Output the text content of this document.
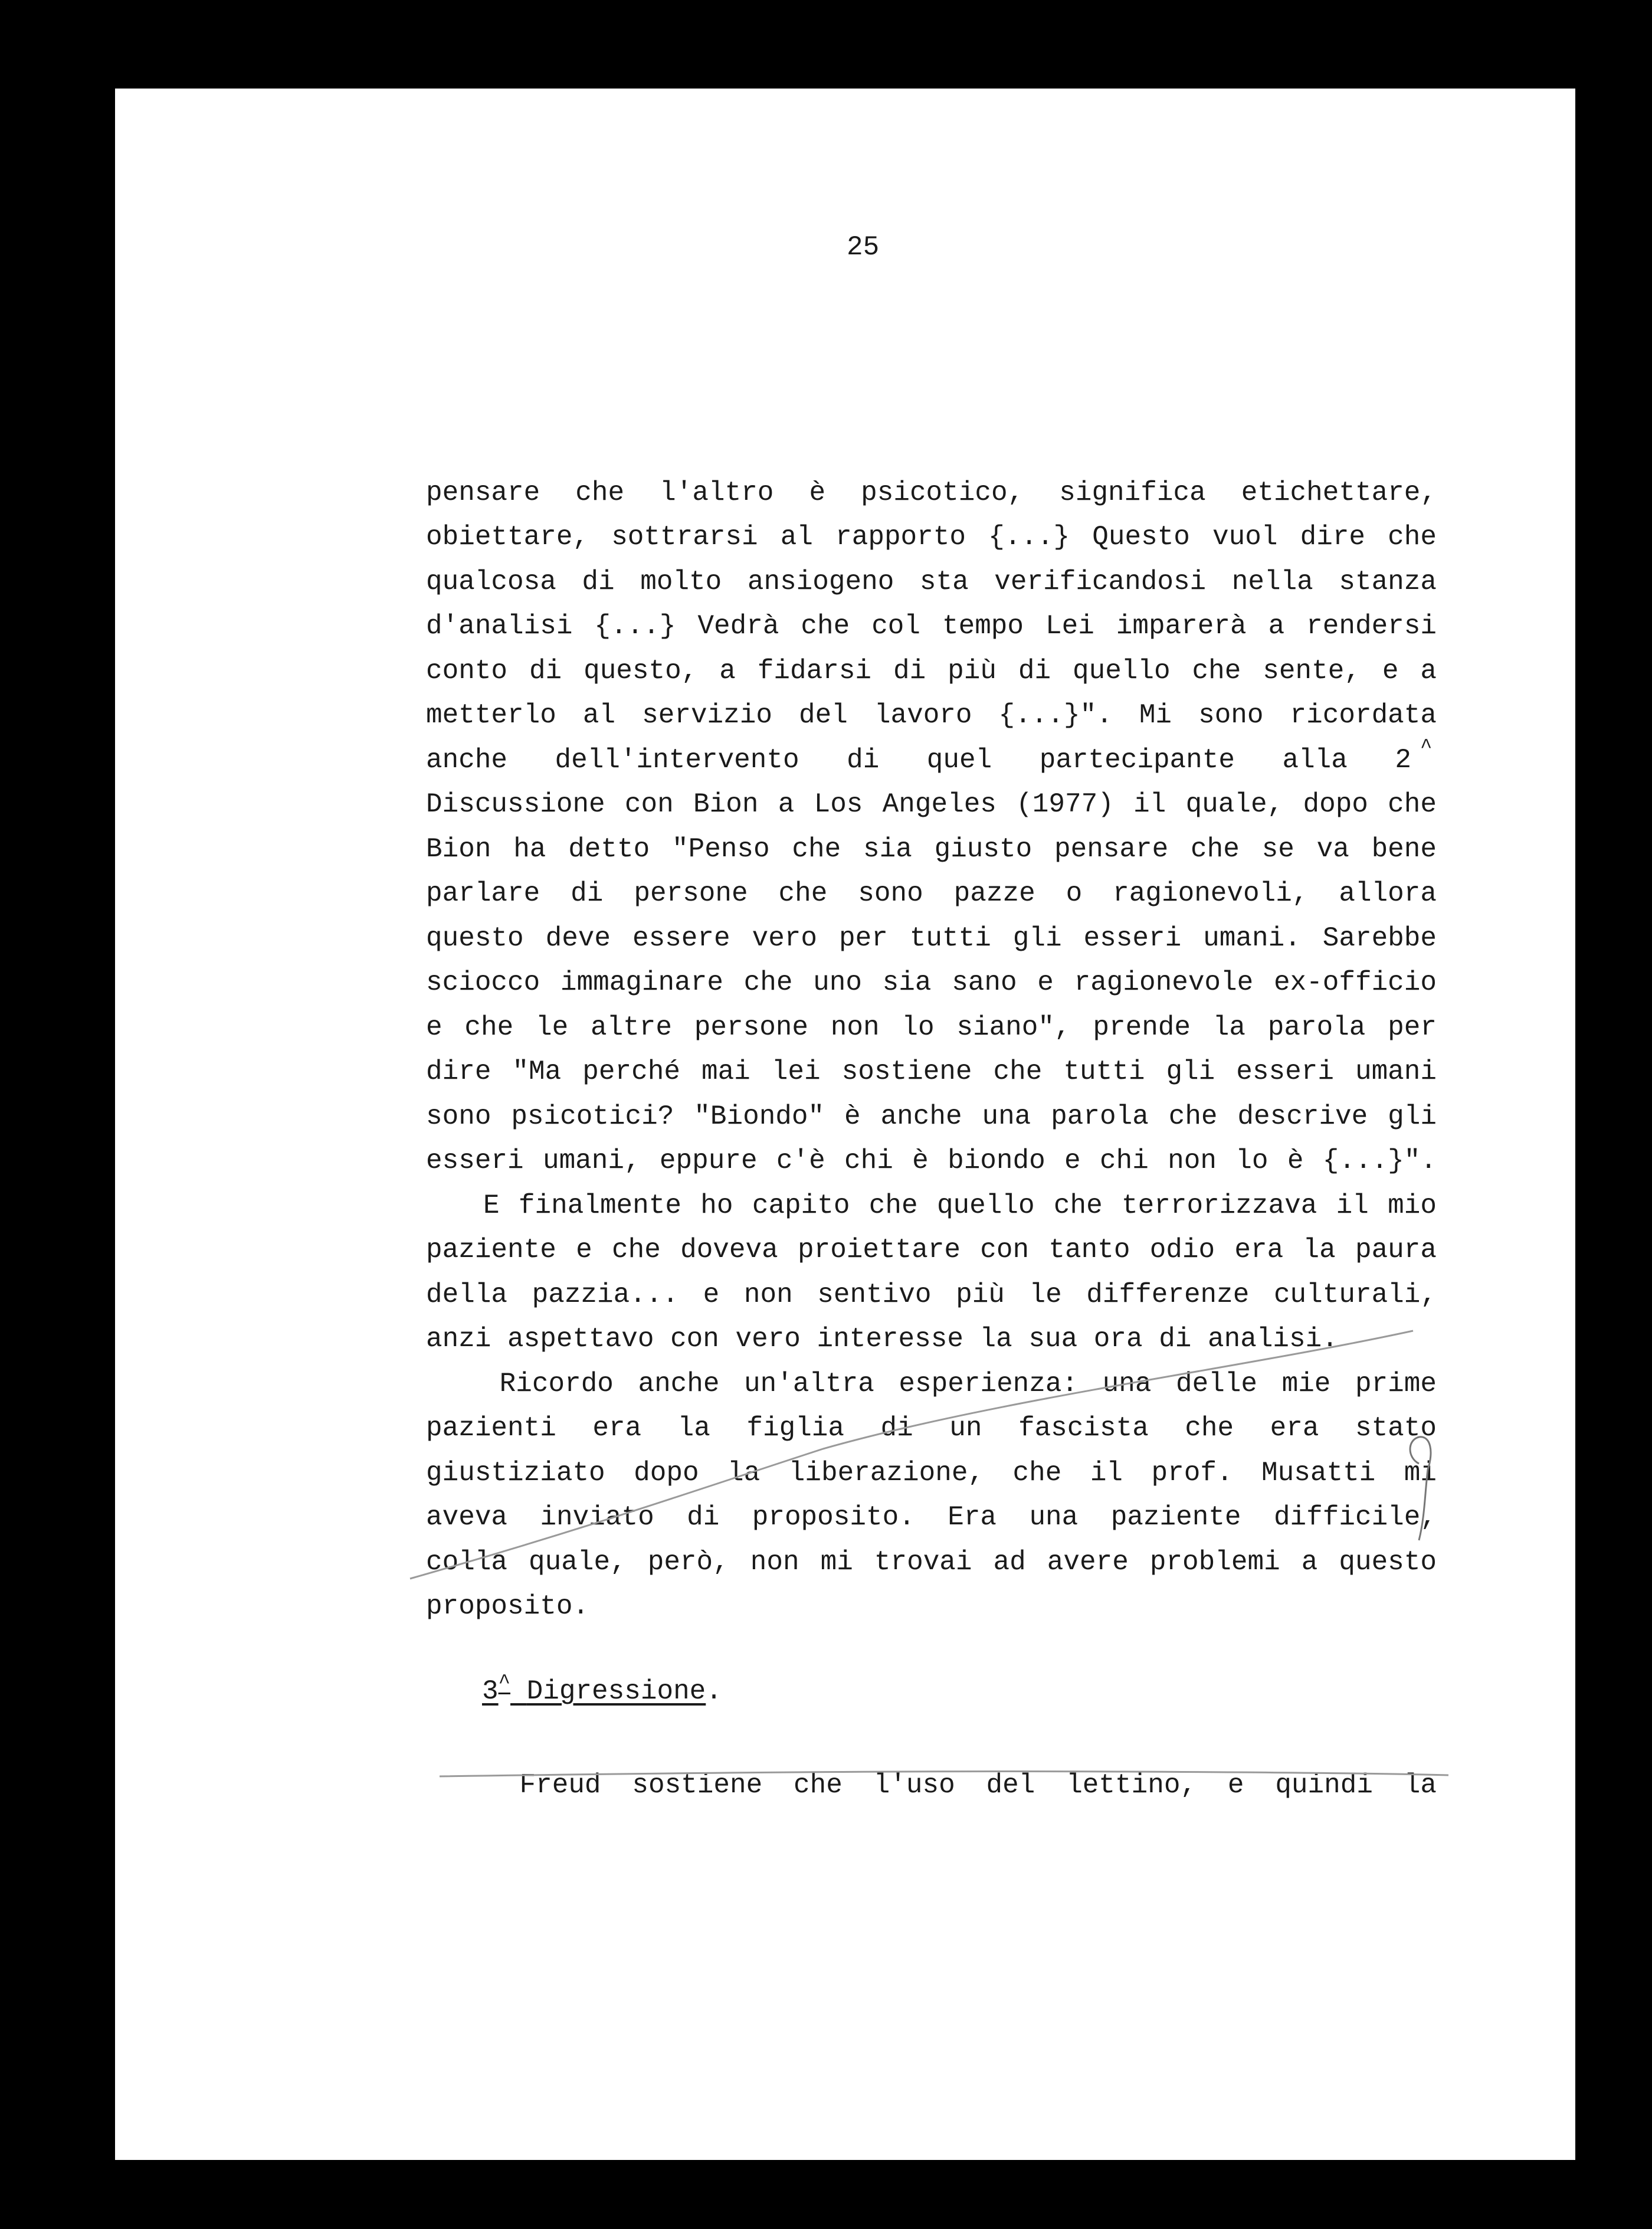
25
pensare che l'altro è psicotico, significa etichettare,
obiettare, sottrarsi al rapporto {...} Questo vuol dire che
qualcosa di molto ansiogeno sta verificandosi nella stanza
d'analisi {...} Vedrà che col tempo Lei imparerà a rendersi
conto di questo, a fidarsi di più di quello che sente, e a
metterlo al servizio del lavoro {...}". Mi sono ricordata
anche dell'intervento di quel partecipante alla 2 ^
Discussione con Bion a Los Angeles (1977) il quale, dopo che
Bion ha detto "Penso che sia giusto pensare che se va bene
parlare di persone che sono pazze o ragionevoli, allora
questo deve essere vero per tutti gli esseri umani. Sarebbe
sciocco immaginare che uno sia sano e ragionevole ex-officio
e che le altre persone non lo siano", prende la parola per
dire "Ma perché mai lei sostiene che tutti gli esseri umani
sono psicotici? "Biondo" è anche una parola che descrive gli
esseri umani, eppure c'è chi è biondo e chi non lo è {...}".
E finalmente ho capito che quello che terrorizzava il mio
paziente e che doveva proiettare con tanto odio era la paura
della pazzia... e non sentivo più le differenze culturali,
anzi aspettavo con vero interesse la sua ora di analisi.
Ricordo anche un'altra esperienza: una delle mie prime
pazienti era la figlia di un fascista che era stato
giustiziato dopo la liberazione, che il prof. Musatti mi
aveva inviato di proposito. Era una paziente difficile,
colla quale, però, non mi trovai ad avere problemi a questo
proposito.
3^ Digressione.
Freud sostiene che l'uso del lettino, e quindi la
